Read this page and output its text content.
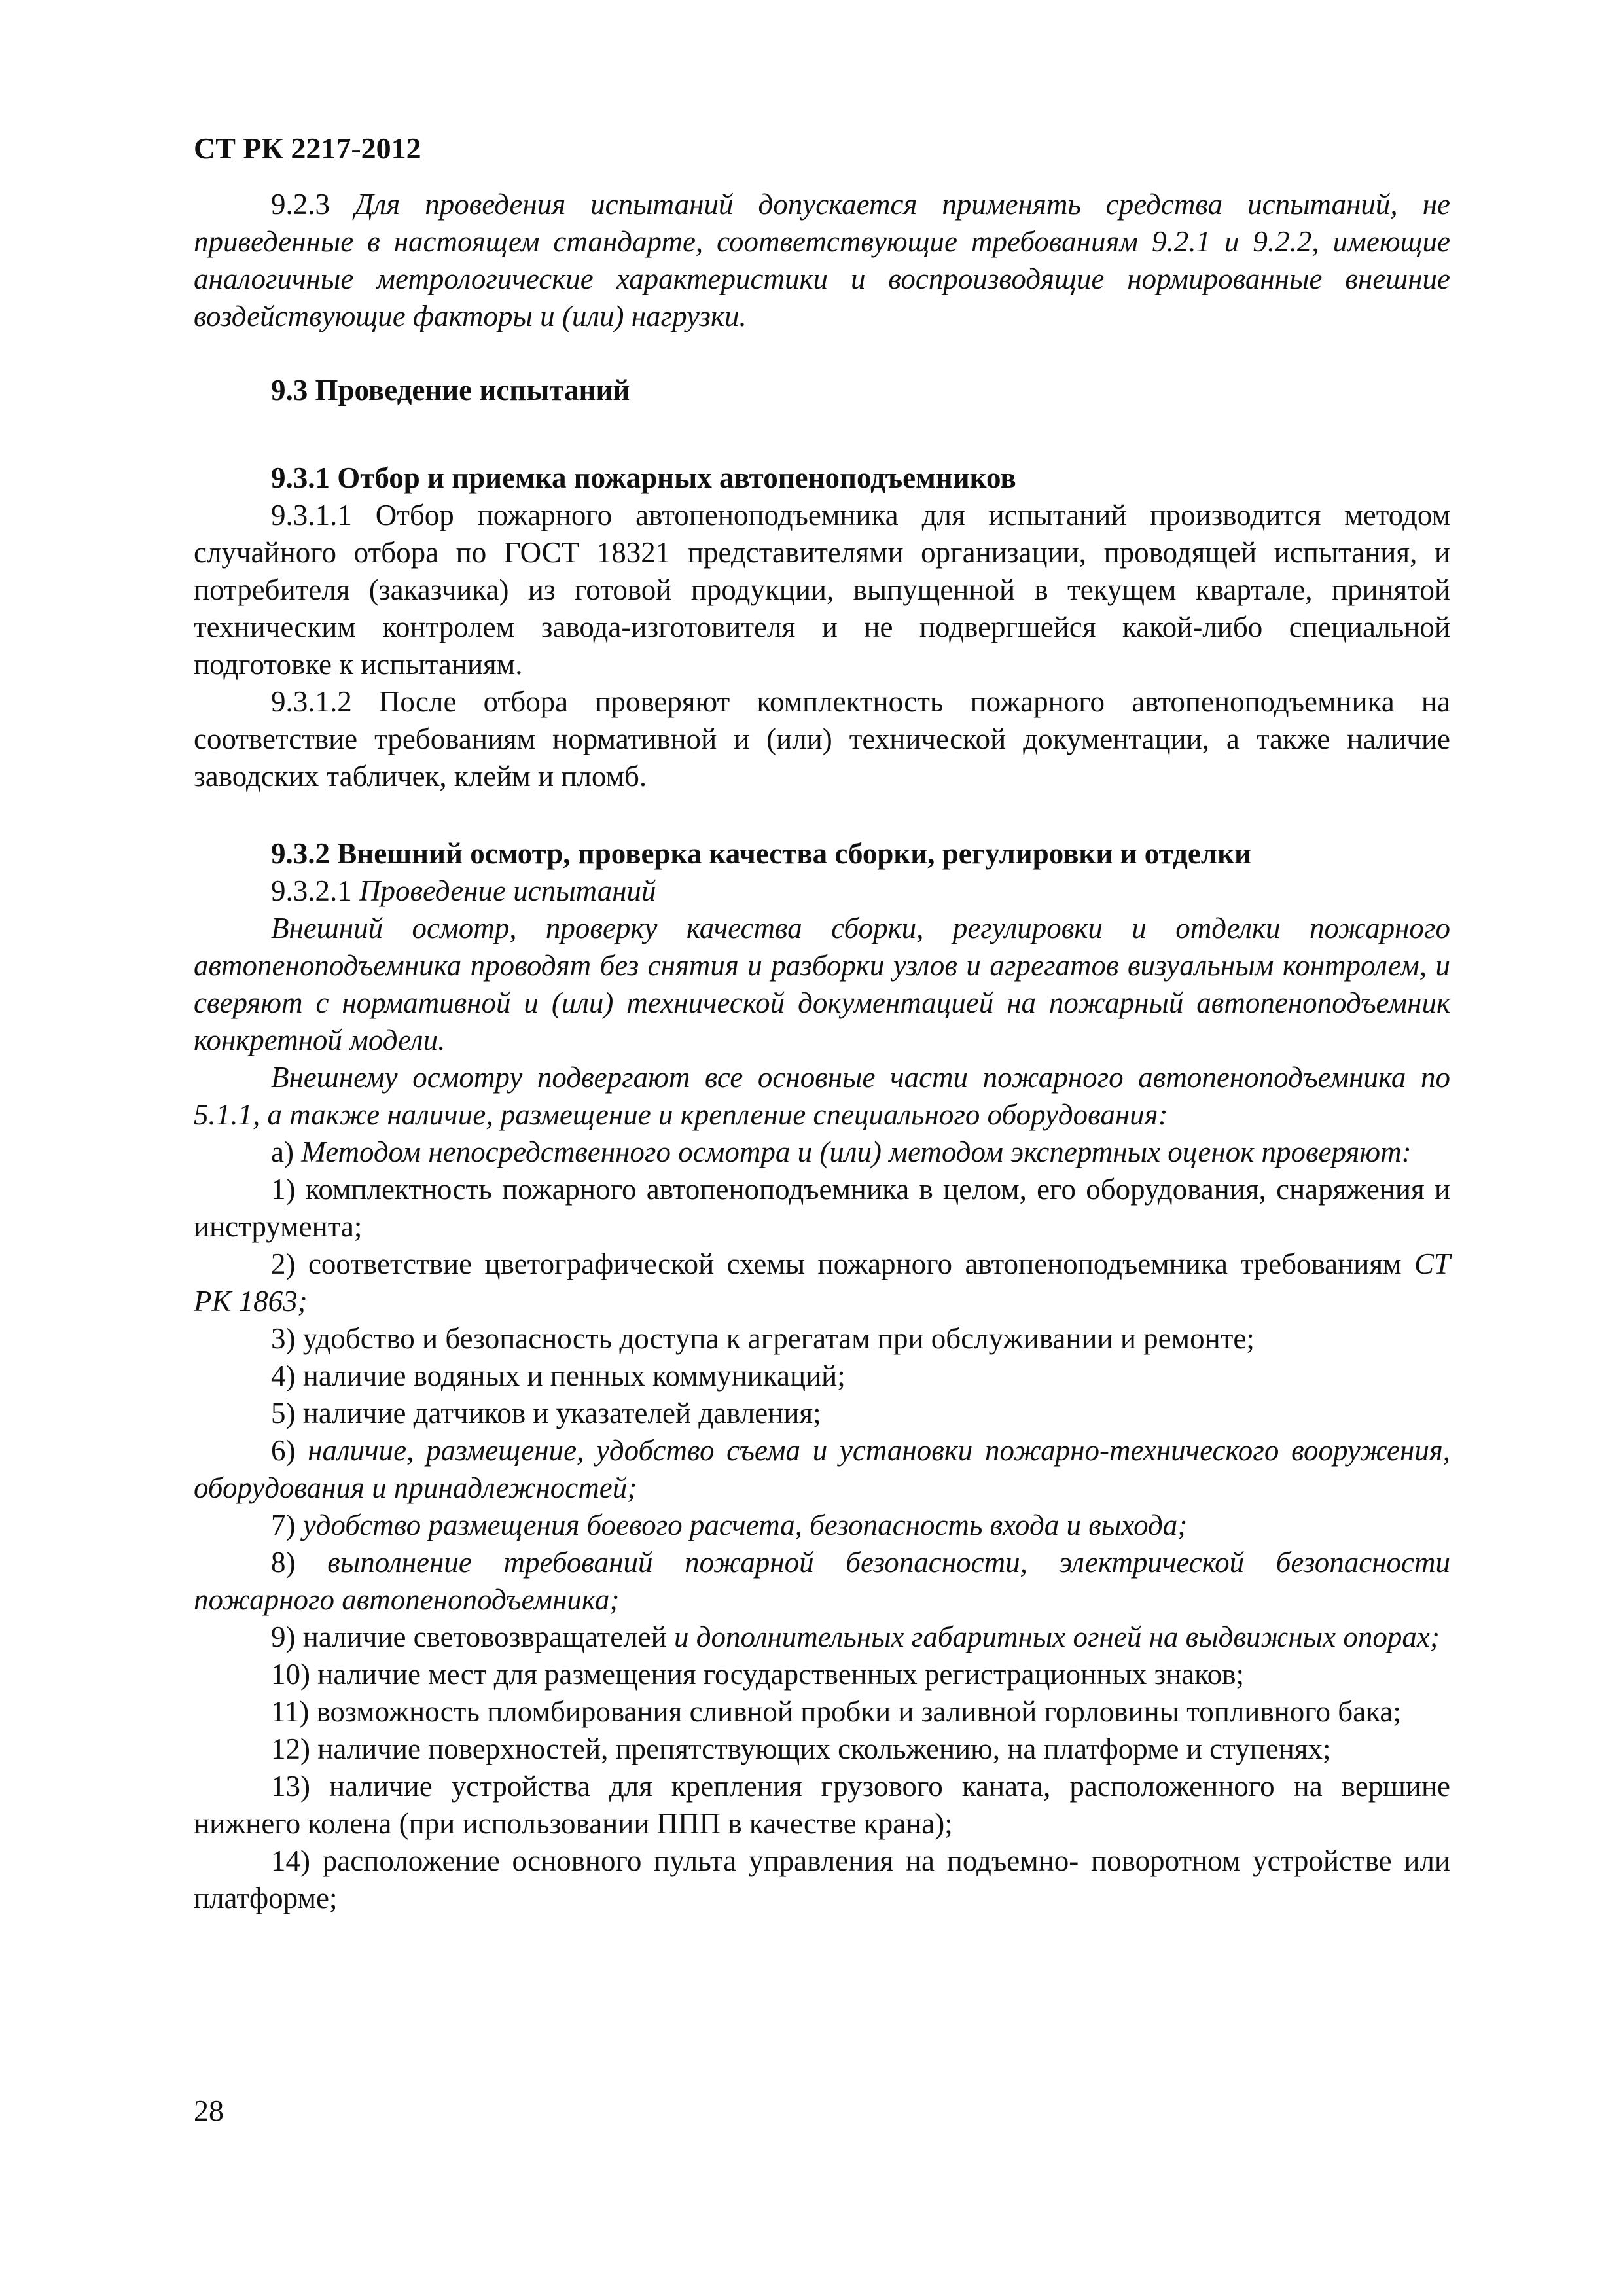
СТ РК 2217-2012

9.2.3 Для проведения испытаний допускается применять средства испытаний, не приведенные в настоящем стандарте, соответствующие требованиям 9.2.1 и 9.2.2, имеющие аналогичные метрологические характеристики и воспроизводящие нормированные внешние воздействующие факторы и (или) нагрузки.

9.3 Проведение испытаний

9.3.1 Отбор и приемка пожарных автопеноподъемников

9.3.1.1 Отбор пожарного автопеноподъемника для испытаний производится методом случайного отбора по ГОСТ 18321 представителями организации, проводящей испытания, и потребителя (заказчика) из готовой продукции, выпущенной в текущем квартале, принятой техническим контролем завода-изготовителя и не подвергшейся какой-либо специальной подготовке к испытаниям.

9.3.1.2 После отбора проверяют комплектность пожарного автопеноподъемника на соответствие требованиям нормативной и (или) технической документации, а также наличие заводских табличек, клейм и пломб.

9.3.2 Внешний осмотр, проверка качества сборки, регулировки и отделки

9.3.2.1 Проведение испытаний

Внешний осмотр, проверку качества сборки, регулировки и отделки пожарного автопеноподъемника проводят без снятия и разборки узлов и агрегатов визуальным контролем, и сверяют с нормативной и (или) технической документацией на пожарный автопеноподъемник конкретной модели.

Внешнему осмотру подвергают все основные части пожарного автопеноподъемника по 5.1.1, а также наличие, размещение и крепление специального оборудования:

а) Методом непосредственного осмотра и (или) методом экспертных оценок проверяют:

1) комплектность пожарного автопеноподъемника в целом, его оборудования, снаряжения и инструмента;

2) соответствие цветографической схемы пожарного автопеноподъемника требованиям СТ РК 1863;

3) удобство и безопасность доступа к агрегатам при обслуживании и ремонте;

4) наличие водяных и пенных коммуникаций;

5) наличие датчиков и указателей давления;

6) наличие, размещение, удобство съема и установки пожарно-технического вооружения, оборудования и принадлежностей;

7) удобство размещения боевого расчета, безопасность входа и выхода;

8) выполнение требований пожарной безопасности, электрической безопасности пожарного автопеноподъемника;

9) наличие световозвращателей и дополнительных габаритных огней на выдвижных опорах;

10) наличие мест для размещения государственных регистрационных знаков;

11) возможность пломбирования сливной пробки и заливной горловины топливного бака;

12) наличие поверхностей, препятствующих скольжению, на платформе и ступенях;

13) наличие устройства для крепления грузового каната, расположенного на вершине нижнего колена (при использовании ППП в качестве крана);

14) расположение основного пульта управления на подъемно- поворотном устройстве или платформе;

28
